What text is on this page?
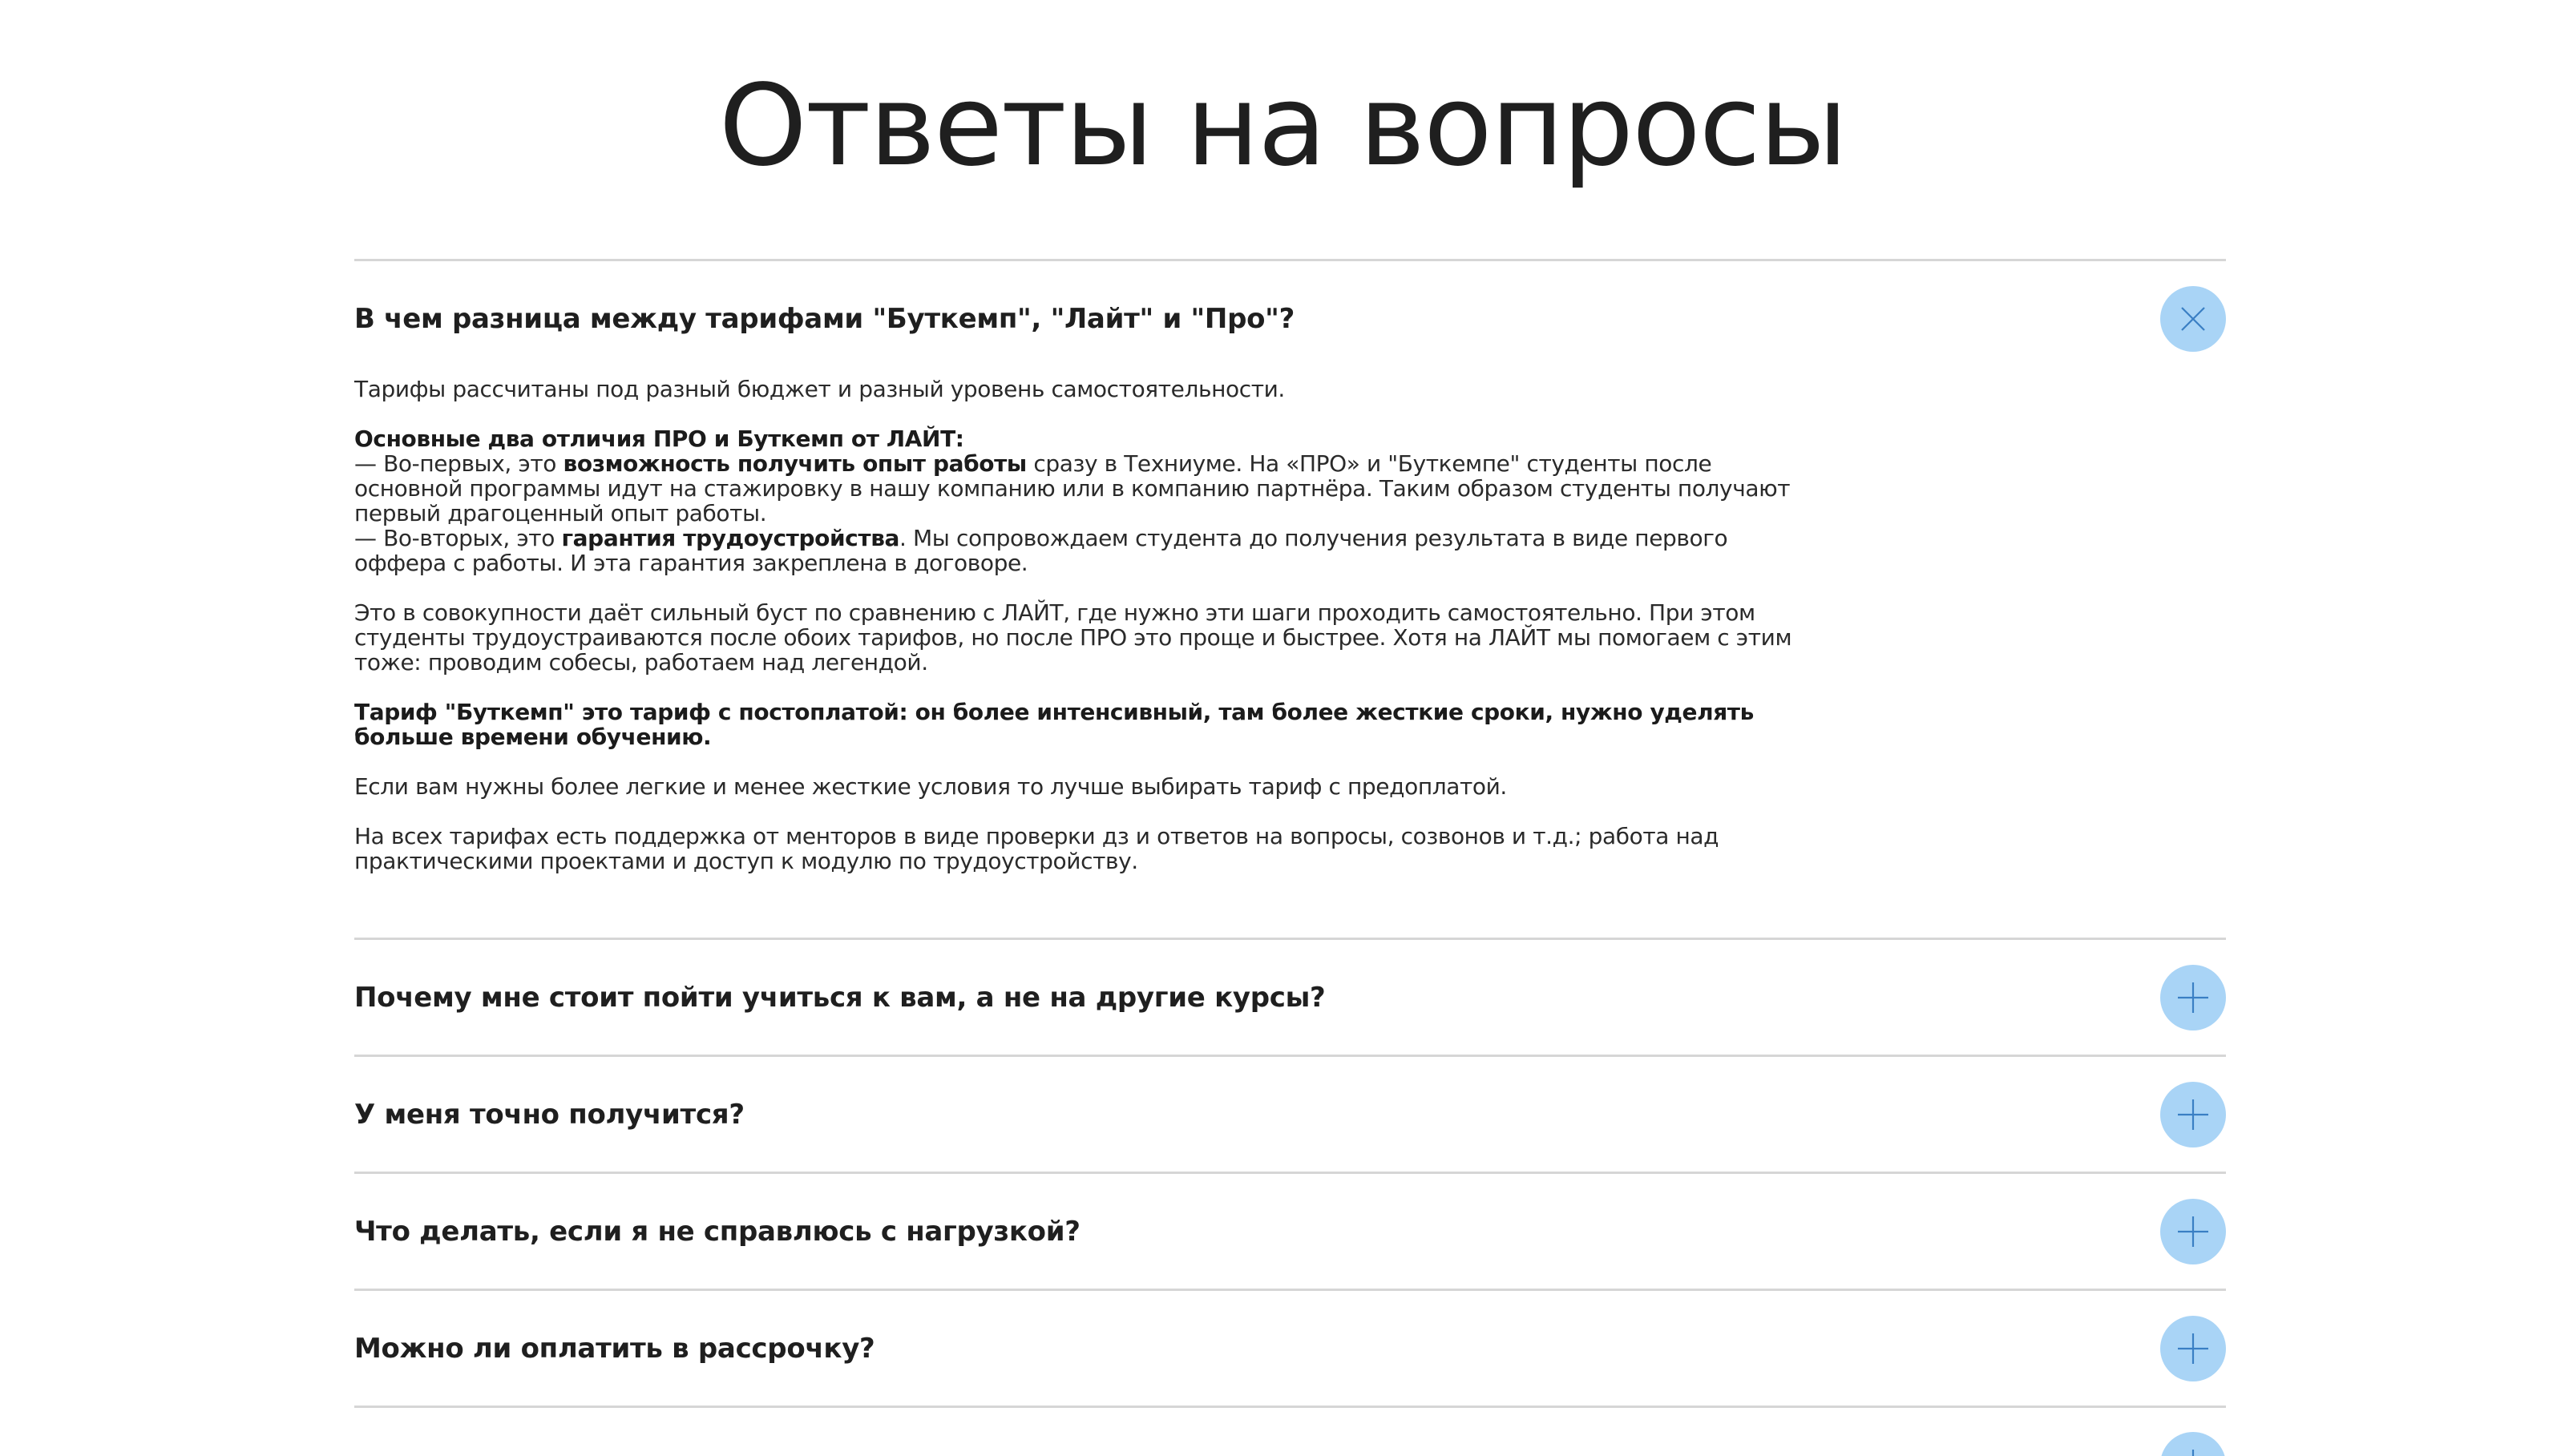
Ответы на вопросы
В чем разница между тарифами "Буткемп", "Лайт" и "Про"?

Тарифы рассчитаны под разный бюджет и разный уровень самостоятельности.

Основные два отличия ПРО и Буткемп от ЛАЙТ:
— Во-первых, это возможность получить опыт работы сразу в Техниуме. На «ПРО» и "Буткемпе" студенты после основной программы идут на стажировку в нашу компанию или в компанию партнёра. Таким образом студенты получают первый драгоценный опыт работы.
— Во-вторых, это гарантия трудоустройства. Мы сопровождаем студента до получения результата в виде первого оффера с работы. И эта гарантия закреплена в договоре.

Это в совокупности даёт сильный буст по сравнению с ЛАЙТ, где нужно эти шаги проходить самостоятельно. При этом студенты трудоустраиваются после обоих тарифов, но после ПРО это проще и быстрее. Хотя на ЛАЙТ мы помогаем с этим тоже: проводим собесы, работаем над легендой.

Тариф "Буткемп" это тариф с постоплатой: он более интенсивный, там более жесткие сроки, нужно уделять больше времени обучению.

Если вам нужны более легкие и менее жесткие условия то лучше выбирать тариф с предоплатой.

На всех тарифах есть поддержка от менторов в виде проверки дз и ответов на вопросы, созвонов и т.д.; работа над практическими проектами и доступ к модулю по трудоустройству.

Почему мне стоит пойти учиться к вам, а не на другие курсы?
У меня точно получится?
Что делать, если я не справлюсь с нагрузкой?
Можно ли оплатить в рассрочку?
